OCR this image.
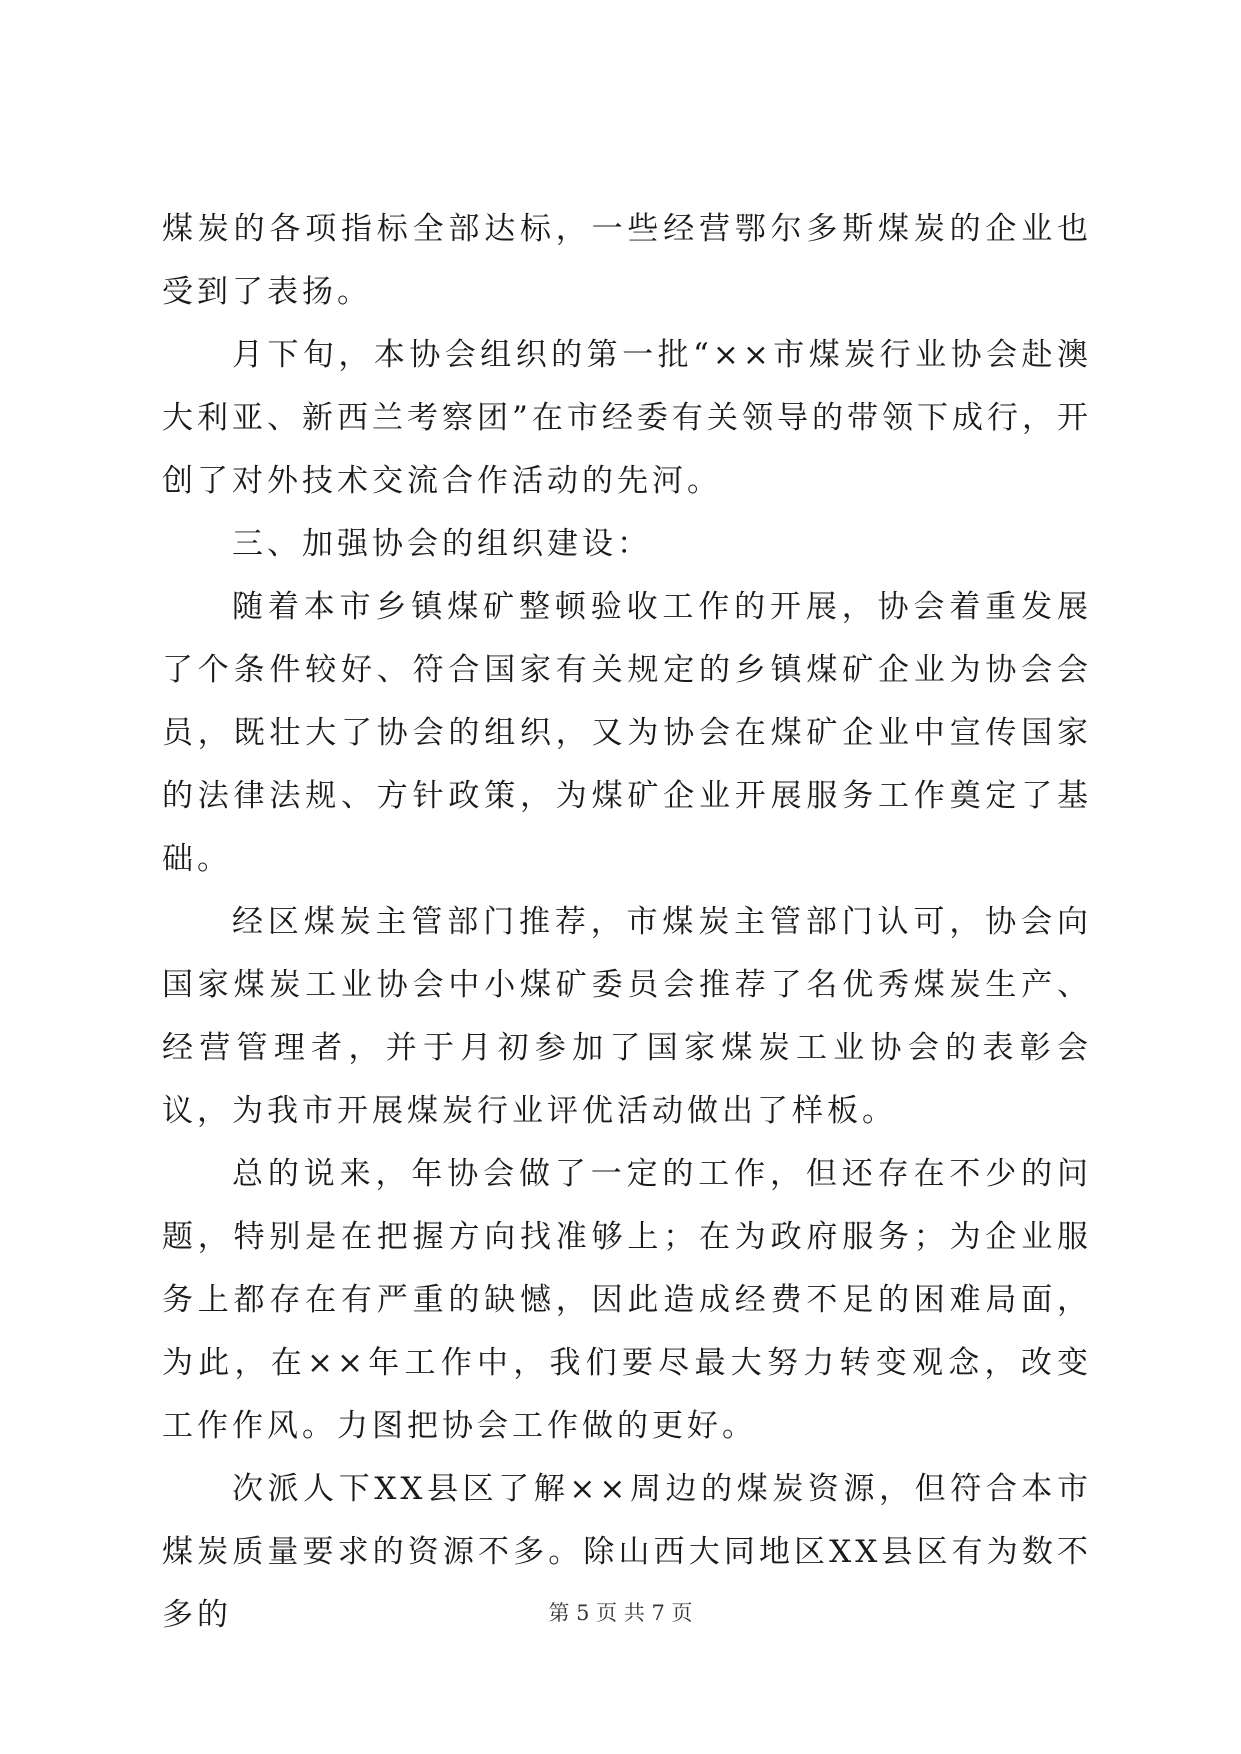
煤炭的各项指标全部达标，一些经营鄂尔多斯煤炭的企业也受到了表扬。

月下旬，本协会组织的第一批“××市煤炭行业协会赴澳大利亚、新西兰考察团”在市经委有关领导的带领下成行，开创了对外技术交流合作活动的先河。

三、加强协会的组织建设：

随着本市乡镇煤矿整顿验收工作的开展，协会着重发展了个条件较好、符合国家有关规定的乡镇煤矿企业为协会会员，既壮大了协会的组织，又为协会在煤矿企业中宣传国家的法律法规、方针政策，为煤矿企业开展服务工作奠定了基础。

经区煤炭主管部门推荐，市煤炭主管部门认可，协会向国家煤炭工业协会中小煤矿委员会推荐了名优秀煤炭生产、经营管理者，并于月初参加了国家煤炭工业协会的表彰会议，为我市开展煤炭行业评优活动做出了样板。

总的说来，年协会做了一定的工作，但还存在不少的问题，特别是在把握方向找准够上；在为政府服务；为企业服务上都存在有严重的缺憾，因此造成经费不足的困难局面，为此，在××年工作中，我们要尽最大努力转变观念，改变工作作风。力图把协会工作做的更好。

次派人下XX县区了解××周边的煤炭资源，但符合本市煤炭质量要求的资源不多。除山西大同地区XX县区有为数不多的	第 5 页 共 7 页
